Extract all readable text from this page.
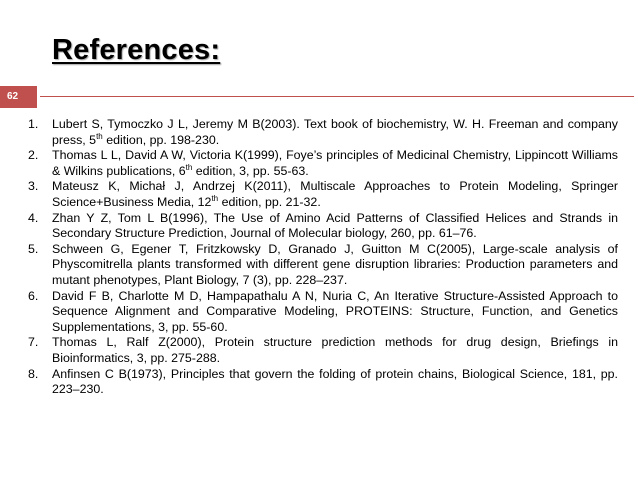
References:
62
1. Lubert S, Tymoczko J L, Jeremy M B(2003). Text book of biochemistry, W. H. Freeman and company press, 5th edition, pp. 198-230.
2. Thomas L L, David A W, Victoria K(1999), Foye’s principles of Medicinal Chemistry, Lippincott Williams & Wilkins publications, 6th edition, 3, pp. 55-63.
3. Mateusz K, Michał J, Andrzej K(2011), Multiscale Approaches to Protein Modeling, Springer Science+Business Media, 12th edition, pp. 21-32.
4. Zhan Y Z, Tom L B(1996), The Use of Amino Acid Patterns of Classified Helices and Strands in Secondary Structure Prediction, Journal of Molecular biology, 260, pp. 61–76.
5. Schween G, Egener T, Fritzkowsky D, Granado J, Guitton M C(2005), Large-scale analysis of Physcomitrella plants transformed with different gene disruption libraries: Production parameters and mutant phenotypes, Plant Biology, 7 (3), pp. 228–237.
6. David F B, Charlotte M D, Hampapathalu A N, Nuria C, An Iterative Structure-Assisted Approach to Sequence Alignment and Comparative Modeling, PROTEINS: Structure, Function, and Genetics Supplementations, 3, pp. 55-60.
7. Thomas L, Ralf Z(2000), Protein structure prediction methods for drug design, Briefings in Bioinformatics, 3, pp. 275-288.
8. Anfinsen C B(1973), Principles that govern the folding of protein chains, Biological Science, 181, pp. 223–230.
